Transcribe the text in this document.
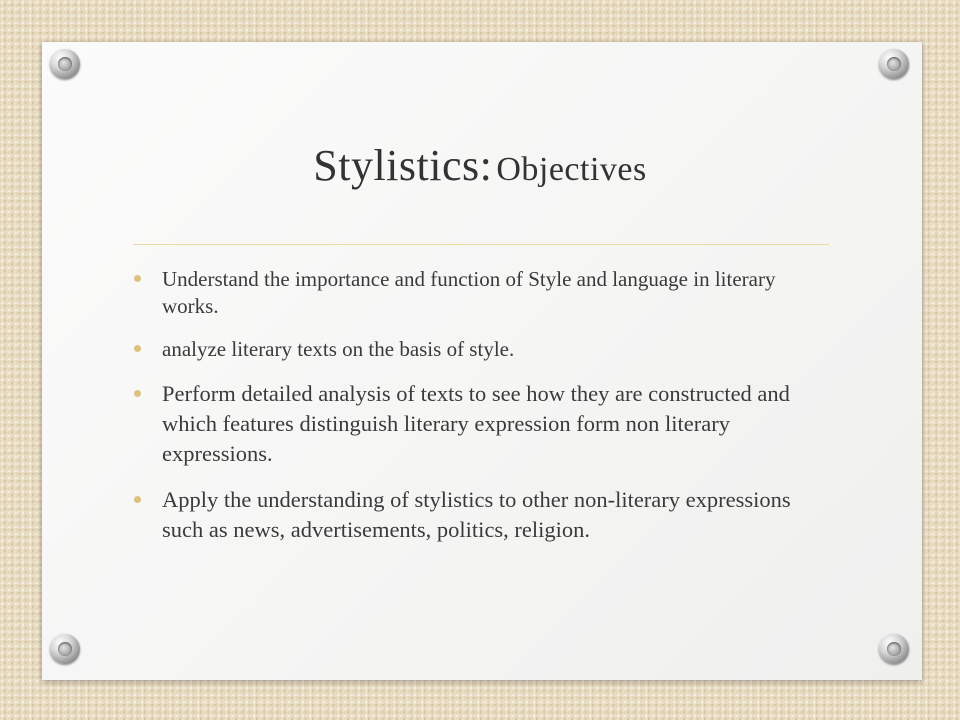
Stylistics: Objectives
Understand the importance and function of Style and language in literary works.
analyze literary texts on the basis of style.
Perform detailed analysis of texts to see how they are constructed and which features distinguish literary expression form non literary expressions.
Apply the understanding of stylistics to other non-literary expressions such as news, advertisements, politics, religion.
